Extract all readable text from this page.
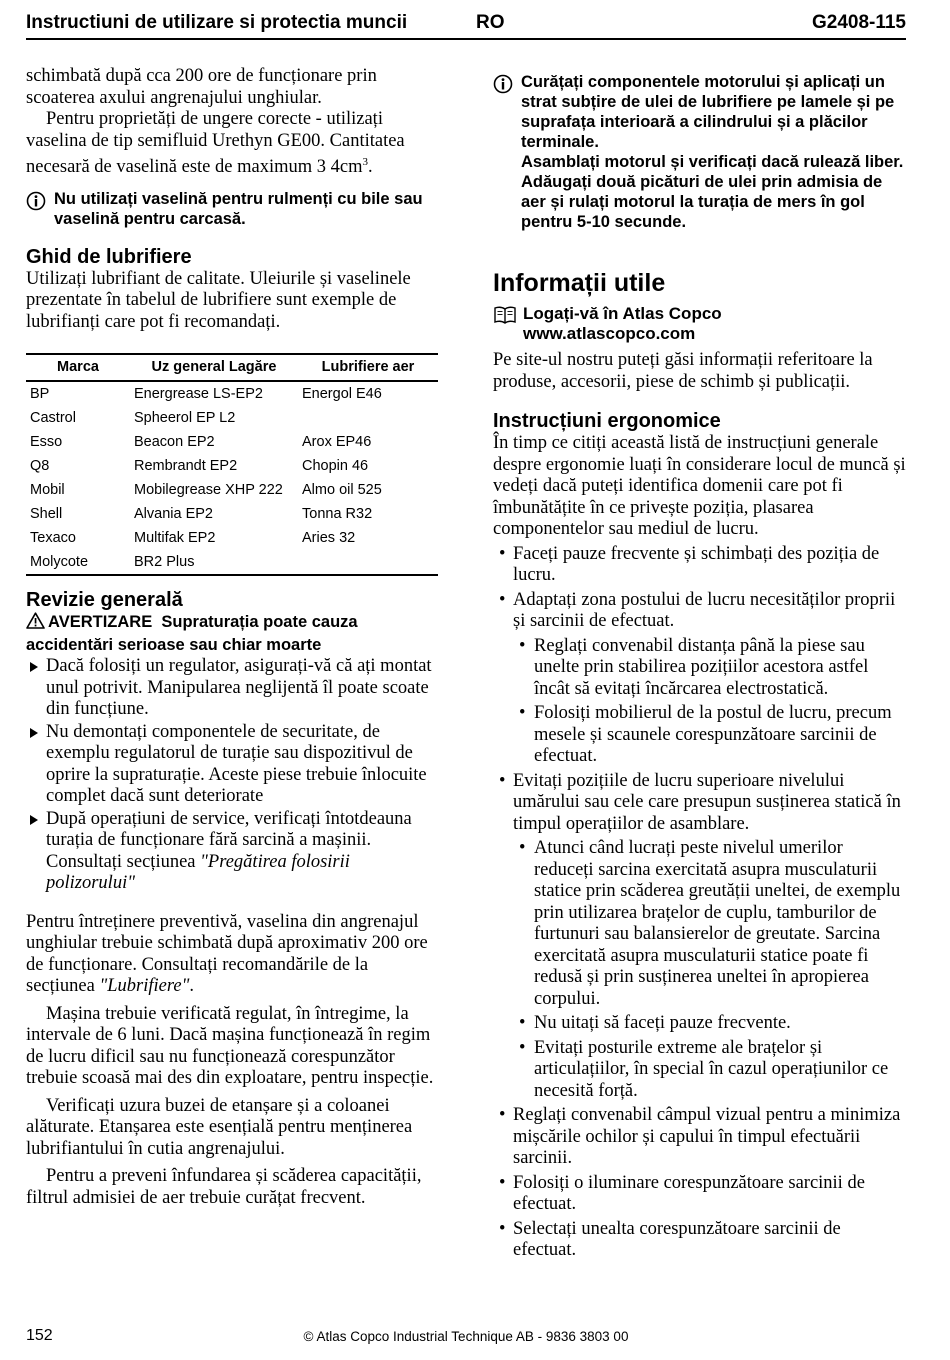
Instructiuni de utilizare si protectia muncii	RO	G2408-115

schimbată după cca 200 ore de funcționare prin scoaterea axului angrenajului unghiular.

Pentru proprietăți de ungere corecte - utilizați vaselina de tip semifluid Urethyn GE00. Cantitatea necesară de vaselină este de maximum 3 $4cm^3$.

Nu utilizați vaselină pentru rulmenți cu bile sau vaselină pentru carcasă.
Ghid de lubrifiere

Utilizați lubrifiant de calitate. Uleiurile și vaselinele prezentate în tabelul de lubrifiere sunt exemple de lubrifianți care pot fi recomandați.

Marca	Uz general Lagăre	Lubrifiere aer
BP	Energrease LS-EP2	Energol E46
Castrol	Spheerol EP L2	
Esso	Beacon EP2	Arox EP46
Q8	Rembrandt EP2	Chopin 46
Mobil	Mobilegrease XHP 222	Almo oil 525
Shell	Alvania EP2	Tonna R32
Texaco	Multifak EP2	Aries 32
Molycote	BR2 Plus	
Revizie generală

AVERTIZARE Supraturația poate cauza accidentări serioase sau chiar moarte

Dacă folosiți un regulator, asigurați-vă că ați montat unul potrivit. Manipularea neglijentă îl poate scoate din funcțiune.
Nu demontați componentele de securitate, de exemplu regulatorul de turație sau dispozitivul de oprire la supraturație. Aceste piese trebuie înlocuite complet dacă sunt deteriorate
După operațiuni de service, verificați întotdeauna turația de funcționare fără sarcină a mașinii. Consultați secțiunea "Pregătirea folosirii polizorului"

Pentru întreținere preventivă, vaselina din angrenajul unghiular trebuie schimbată după aproximativ 200 ore de funcționare. Consultați recomandările de la secțiunea "Lubrifiere".

Mașina trebuie verificată regulat, în întregime, la intervale de 6 luni. Dacă mașina funcționează în regim de lucru dificil sau nu funcționează corespunzător trebuie scoasă mai des din exploatare, pentru inspecție.

Verificați uzura buzei de etanșare și a coloanei alăturate. Etanșarea este esențială pentru menținerea lubrifiantului în cutia angrenajului.

Pentru a preveni înfundarea și scăderea capacității, filtrul admisiei de aer trebuie curățat frecvent.

Curățați componentele motorului și aplicați un strat subțire de ulei de lubrifiere pe lamele și pe suprafața interioară a cilindrului și a plăcilor terminale.
Asamblați motorul și verificați dacă rulează liber. Adăugați două picături de ulei prin admisia de aer și rulați motorul la turația de mers în gol pentru 5-10 secunde.
Informații utile
Logați-vă în Atlas Copco
www.atlascopco.com

Pe site-ul nostru puteți găsi informații referitoare la produse, accesorii, piese de schimb și publicații.

Instrucțiuni ergonomice

În timp ce citiți această listă de instrucțiuni generale despre ergonomie luați în considerare locul de muncă și vedeți dacă puteți identifica domenii care pot fi îmbunătățite în ce privește poziția, plasarea componentelor sau mediul de lucru.

• Faceți pauze frecvente și schimbați des poziția de lucru.
• Adaptați zona postului de lucru necesităților proprii și sarcinii de efectuat.
• Reglați convenabil distanța până la piese sau unelte prin stabilirea pozițiilor acestora astfel încât să evitați încărcarea electrostatică.
• Folosiți mobilierul de la postul de lucru, precum mesele și scaunele corespunzătoare sarcinii de efectuat.
• Evitați pozițiile de lucru superioare nivelului umărului sau cele care presupun susținerea statică în timpul operațiilor de asamblare.
• Atunci când lucrați peste nivelul umerilor reduceți sarcina exercitată asupra musculaturii statice prin scăderea greutății uneltei, de exemplu prin utilizarea brațelor de cuplu, tamburilor de furtunuri sau balansierelor de greutate. Sarcina exercitată asupra musculaturii statice poate fi redusă și prin susținerea uneltei în apropierea corpului.
• Nu uitați să faceți pauze frecvente.
• Evitați posturile extreme ale brațelor și articulațiilor, în special în cazul operațiunilor ce necesită forță.
• Reglați convenabil câmpul vizual pentru a minimiza mișcările ochilor și capului în timpul efectuării sarcinii.
• Folosiți o iluminare corespunzătoare sarcinii de efectuat.
• Selectați unealta corespunzătoare sarcinii de efectuat.
© Atlas Copco Industrial Technique AB - 9836 3803 00
152
